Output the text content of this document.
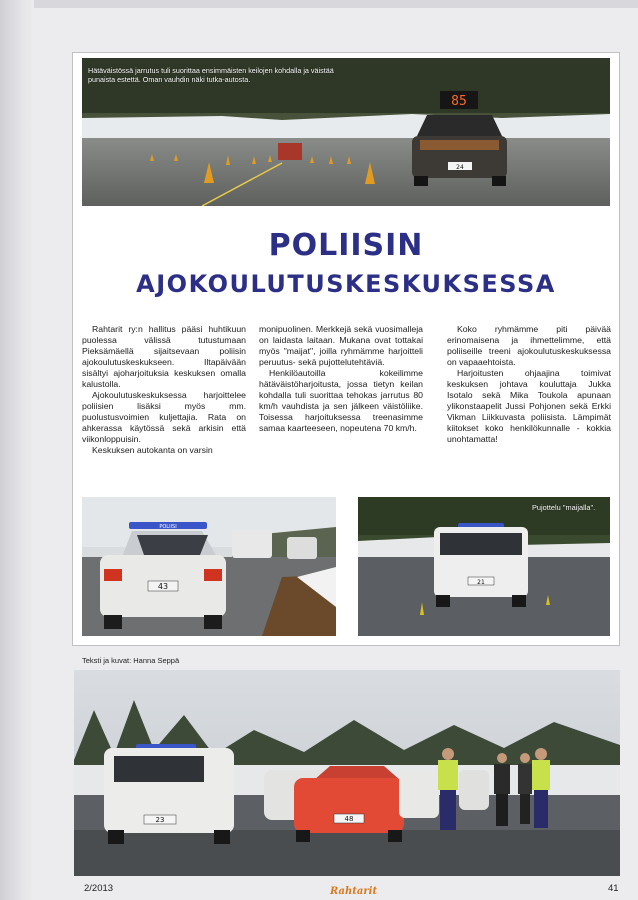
85
24
Hätäväistössä jarrutus tuli suorittaa ensimmäisten keilojen kohdalla ja väistää punaista estettä. Oman vauhdin näki tutka-autosta.
POLIISIN
AJOKOULUTUSKESKUKSESSA

Rahtarit ry:n hallitus pääsi huhtikuun puolessa välissä tutustumaan Pieksämäellä sijaitsevaan poliisin ajokoulutuskeskukseen. Iltapäivään sisältyi ajoharjoituksia keskuksen omalla kalustolla.

Ajokoulutuskeskuksessa harjoittelee poliisien lisäksi myös mm. puolustusvoimien kuljettajia. Rata on ahkerassa käytössä sekä arkisin että viikonloppuisin.

Keskuksen autokanta on varsin

monipuolinen. Merkkejä sekä vuosimalleja on laidasta laitaan. Mukana ovat tottakai myös "maijat", joilla ryhmämme harjoitteli peruutus- sekä pujottelutehtäviä.

Henkilöautoilla kokeilimme hätäväistöharjoitusta, jossa tietyn keilan kohdalla tuli suorittaa tehokas jarrutus 80 km/h vauhdista ja sen jälkeen väistöliike. Toisessa harjoituksessa treenasimme samaa kaarteeseen, nopeutena 70 km/h.

Koko ryhmämme piti päivää erinomaisena ja ihmettelimme, että poliiseille treeni ajokoulutuskeskuksessa on vapaaehtoista.

Harjoitusten ohjaajina toimivat keskuksen johtava kouluttaja Jukka Isotalo sekä Mika Toukola apunaan ylikonstaapelit Jussi Pohjonen sekä Erkki Vikman Liikkuvasta poliisista. Lämpimät kiitokset koko henkilökunnalle - kokkia unohtamatta!

POLIISI
43	21
Pujottelu "maijalla".
Teksti ja kuvat: Hanna Seppä
23	48
2/2013	Rahtarit	41
